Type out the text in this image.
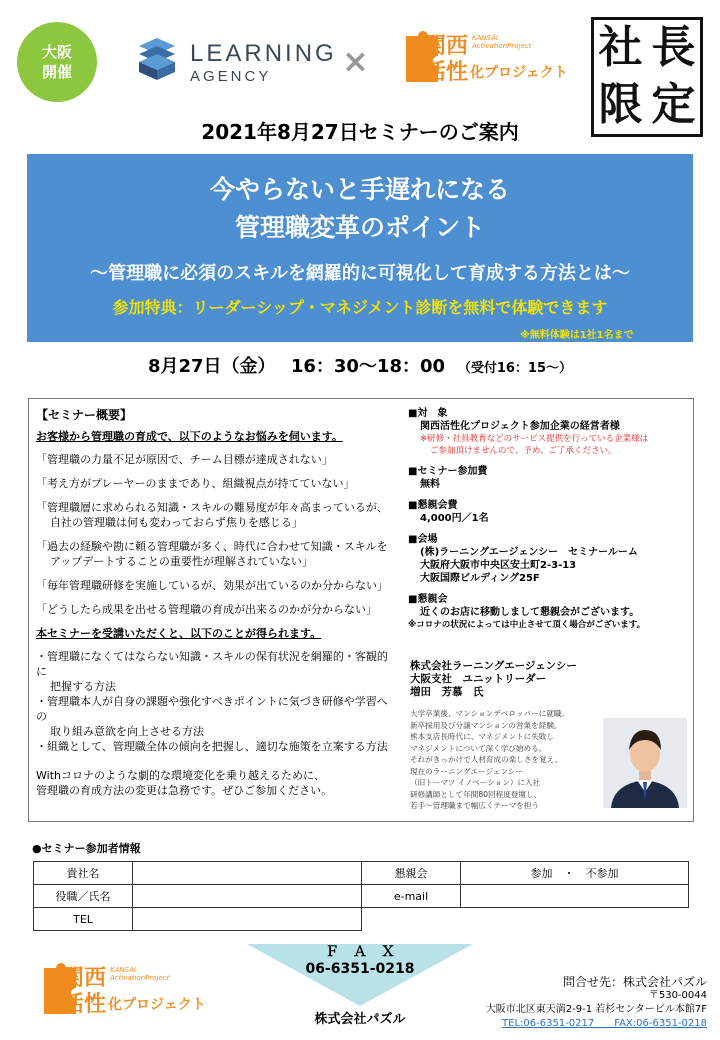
大阪
開催
LEARNING
AGENCY ×	関西
活性
KANSAI
ActivationProject
化プロジェクト 社 長
限 定
2021年8月27日セミナーのご案内
今やらないと手遅れになる
管理職変革のポイント
～管理職に必須のスキルを網羅的に可視化して育成する方法とは～
参加特典：リーダーシップ・マネジメント診断を無料で体験できます
※無料体験は1社1名まで
8月27日（金）　 16：30～18：00 　 （受付16：15～）

【セミナー概要】

お客様から管理職の育成で、以下のようなお悩みを伺います。

「管理職の力量不足が原因で、チーム目標が達成されない」

「考え方がプレーヤーのままであり、組織視点が持てていない」

「管理職層に求められる知識・スキルの難易度が年々高まっているが、

自社の管理職は何も変わっておらず焦りを感じる」

「過去の経験や勘に頼る管理職が多く、時代に合わせて知識・スキルを

アップデートすることの重要性が理解されていない」

「毎年管理職研修を実施しているが、効果が出ているのか分からない」

「どうしたら成果を出せる管理職の育成が出来るのかが分からない」

本セミナーを受講いただくと、以下のことが得られます。

・管理職になくてはならない知識・スキルの保有状況を網羅的・客観的に

把握する方法

・管理職本人が自身の課題や強化すべきポイントに気づき研修や学習への

取り組み意欲を向上させる方法

・組織として、管理職全体の傾向を把握し、適切な施策を立案する方法

Withコロナのような劇的な環境変化を乗り越えるために、

管理職の育成方法の変更は急務です。ぜひご参加ください。

■対　象
関西活性化プロジェクト参加企業の経営者様
※研修・社員教育などのサービス提供を行っている企業様は
ご参加頂けませんので、予め、ご了承ください。
■セミナー参加費
無料
■懇親会費
4,000円／1名
■会場
(株)ラーニングエージェンシー　セミナールーム
大阪府大阪市中央区安土町2-3-13
大阪国際ビルディング25F
■懇親会
近くのお店に移動しまして懇親会がございます。
※コロナの状況によっては中止させて頂く場合がございます。
株式会社ラーニングエージェンシー
大阪支社　ユニットリーダー
増田　芳慕　氏
大学卒業後、マンションデベロッパーに就職。
新卒採用及び分譲マンションの営業を経験。
熊本支店長時代に、マネジメントに失敗し
マネジメントについて深く学び始める。
それがきっかけで人材育成の楽しさを覚え、
現在のラーニングエージェンシー
（旧トーマツ イノベーション）に入社
研修講師として年間80回程度登壇し、
若手～管理職まで幅広くテーマを担う
●セミナー参加者情報
貴社名		懇親会	参加　・　不参加
役職／氏名		e-mail	
TEL			
Ｆ　Ａ　Ｘ
06-6351-0218
株式会社パズル
関西
活性
KANSAI
ActivationProject
化プロジェクト
問合せ先：株式会社パズル
〒530-0044
大阪市北区東天満2-9-1 若杉センタービル本館7F
TEL:06-6351-0217　　FAX:06-6351-0218
